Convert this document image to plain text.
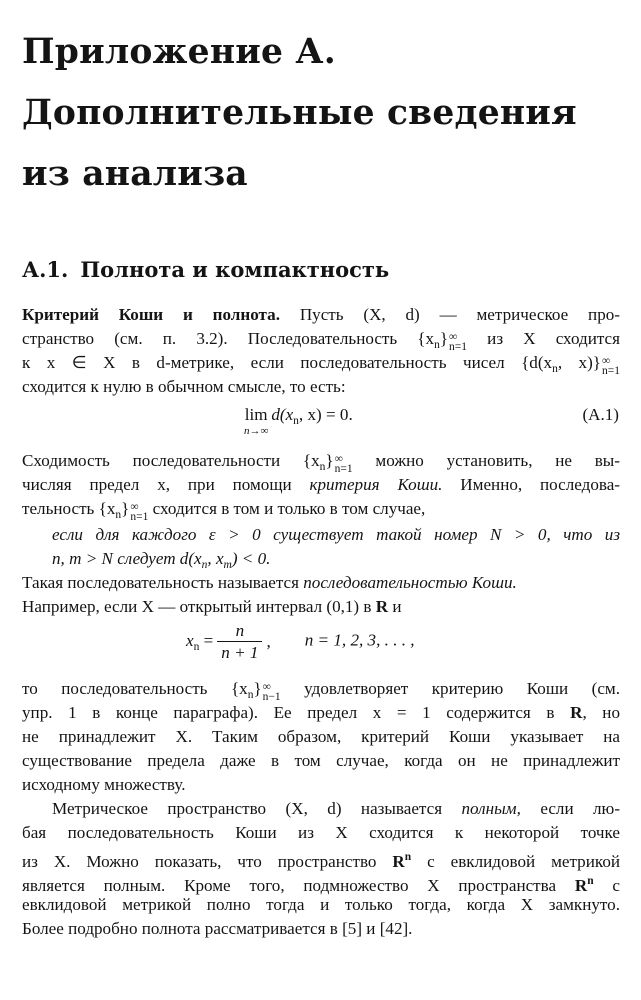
Приложение А.
Дополнительные сведения
из анализа
А.1. Полнота и компактность
Критерий Коши и полнота. Пусть (X, d) — метрическое про-
странство (см. п. 3.2). Последовательность $\{x_n\}$ ∞
n=1 из X сходится
к x ∈ X в d-метрике, если последовательность чисел {$d(x_n$, x)} ∞
n=1
сходится к нулю в обычном смысле, то есть:
lim
n→∞
$d(x_n$, x) = 0.	(A.1)
Сходимость последовательности $\{x_n\}$ ∞
n=1 можно установить, не вы-
числяя предел x, при помощи критерия Коши. Именно, последова-
тельность $\{x_n\}$ ∞
n=1 сходится в том и только в том случае,
если для каждого ε > 0 существует такой номер N > 0, что из
n, m > N следует $d(x_n$, $x_m) < 0$.
Такая последовательность называется последовательностью Коши.
Например, если X — открытый интервал (0,1) в R и
$x_n = \frac{n}{n + 1}$ , n = 1, 2, 3, . . . ,
то последовательность $\{x_n\}$ ∞
n−1 удовлетворяет критерию Коши (см.
упр. 1 в конце параграфа). Ее предел x = 1 содержится в R, но
не принадлежит X. Таким образом, критерий Коши указывает на
существование предела даже в том случае, когда он не принадлежит
исходному множеству.
Метрическое пространство (X, d) называется полным, если лю-
бая последовательность Коши из X сходится к некоторой точке
из X. Можно показать, что пространство $R^n$ с евклидовой метрикой
является полным. Кроме того, подмножество X пространства $R^n$ с
евклидовой метрикой полно тогда и только тогда, когда X замкнуто.
Более подробно полнота рассматривается в [5] и [42].
